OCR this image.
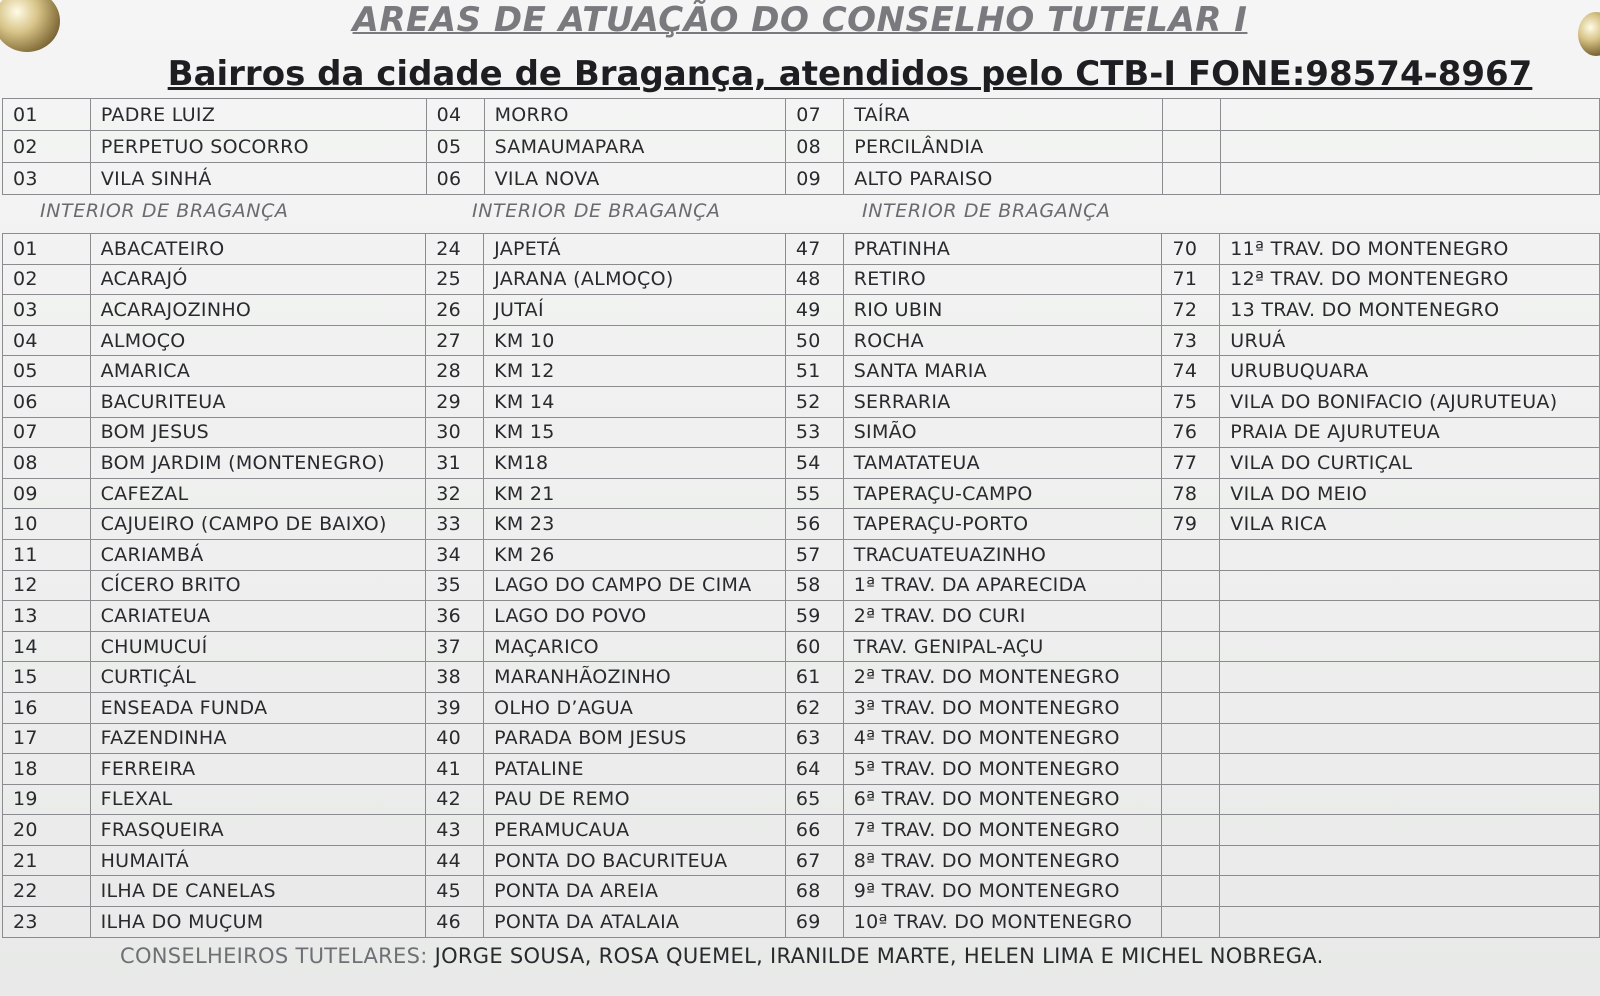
AREAS DE ATUAÇÃO DO CONSELHO TUTELAR I
Bairros da cidade de Bragança, atendidos pelo CTB-I FONE:98574-8967
01	PADRE LUIZ	04	MORRO	07	TAÍRA		
02	PERPETUO SOCORRO	05	SAMAUMAPARA	08	PERCILÂNDIA		
03	VILA SINHÁ	06	VILA NOVA	09	ALTO PARAISO		
INTERIOR DE BRAGANÇA	INTERIOR DE BRAGANÇA	INTERIOR DE BRAGANÇA
01	ABACATEIRO	24	JAPETÁ	47	PRATINHA	70	11ª TRAV. DO MONTENEGRO
02	ACARAJÓ	25	JARANA (ALMOÇO)	48	RETIRO	71	12ª TRAV. DO MONTENEGRO
03	ACARAJOZINHO	26	JUTAÍ	49	RIO UBIN	72	13 TRAV. DO MONTENEGRO
04	ALMOÇO	27	KM 10	50	ROCHA	73	URUÁ
05	AMARICA	28	KM 12	51	SANTA MARIA	74	URUBUQUARA
06	BACURITEUA	29	KM 14	52	SERRARIA	75	VILA DO BONIFACIO (AJURUTEUA)
07	BOM JESUS	30	KM 15	53	SIMÃO	76	PRAIA DE AJURUTEUA
08	BOM JARDIM (MONTENEGRO)	31	KM18	54	TAMATATEUA	77	VILA DO CURTIÇAL
09	CAFEZAL	32	KM 21	55	TAPERAÇU-CAMPO	78	VILA DO MEIO
10	CAJUEIRO (CAMPO DE BAIXO)	33	KM 23	56	TAPERAÇU-PORTO	79	VILA RICA
11	CARIAMBÁ	34	KM 26	57	TRACUATEUAZINHO		
12	CÍCERO BRITO	35	LAGO DO CAMPO DE CIMA	58	1ª TRAV. DA APARECIDA		
13	CARIATEUA	36	LAGO DO POVO	59	2ª TRAV. DO CURI		
14	CHUMUCUÍ	37	MAÇARICO	60	TRAV. GENIPAL-AÇU		
15	CURTIÇÁL	38	MARANHÃOZINHO	61	2ª TRAV. DO MONTENEGRO		
16	ENSEADA FUNDA	39	OLHO D’AGUA	62	3ª TRAV. DO MONTENEGRO		
17	FAZENDINHA	40	PARADA BOM JESUS	63	4ª TRAV. DO MONTENEGRO		
18	FERREIRA	41	PATALINE	64	5ª TRAV. DO MONTENEGRO		
19	FLEXAL	42	PAU DE REMO	65	6ª TRAV. DO MONTENEGRO		
20	FRASQUEIRA	43	PERAMUCAUA	66	7ª TRAV. DO MONTENEGRO		
21	HUMAITÁ	44	PONTA DO BACURITEUA	67	8ª TRAV. DO MONTENEGRO		
22	ILHA DE CANELAS	45	PONTA DA AREIA	68	9ª TRAV. DO MONTENEGRO		
23	ILHA DO MUÇUM	46	PONTA DA ATALAIA	69	10ª TRAV. DO MONTENEGRO		
CONSELHEIROS TUTELARES: JORGE SOUSA, ROSA QUEMEL, IRANILDE MARTE, HELEN LIMA E MICHEL NOBREGA.
